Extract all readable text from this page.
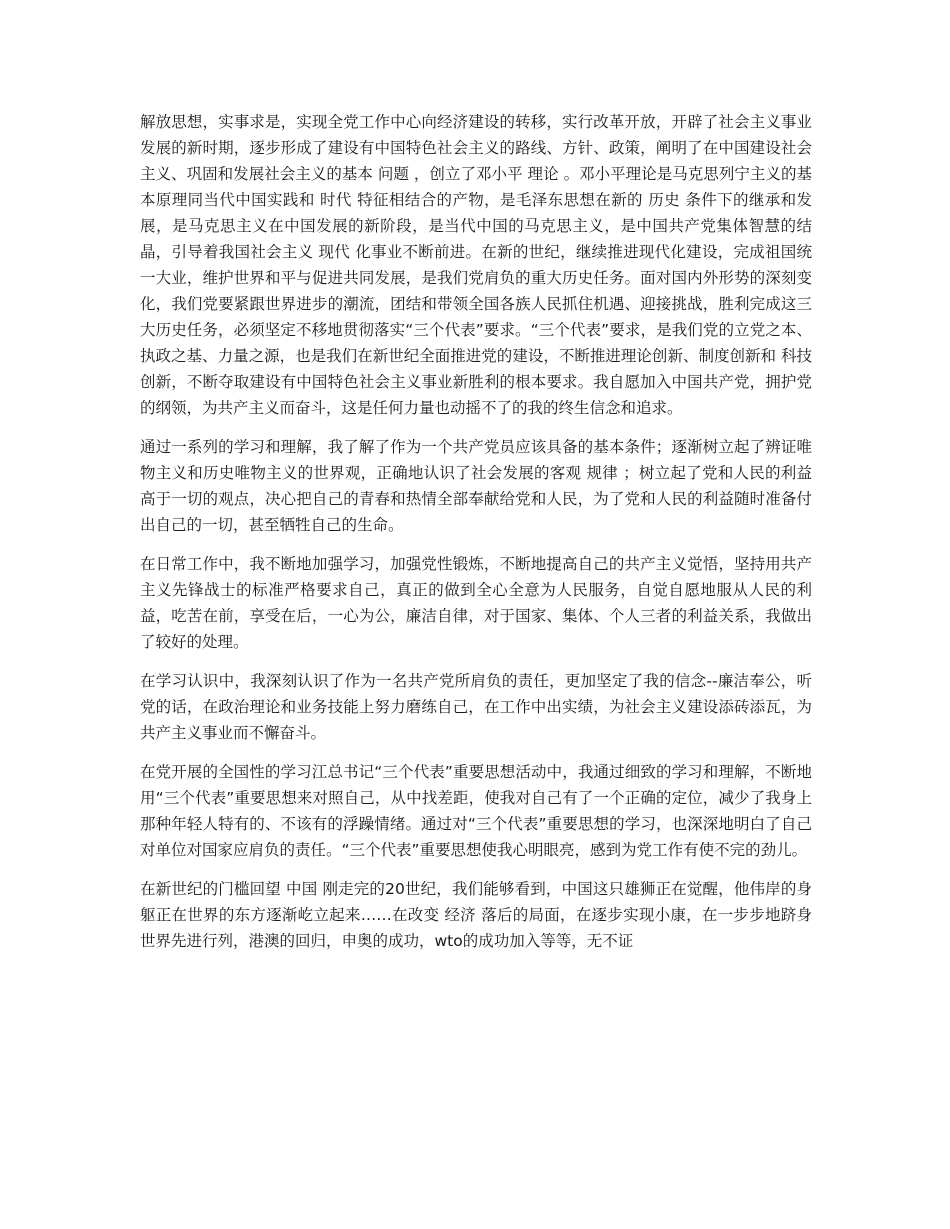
解放思想，实事求是，实现全党工作中心向经济建设的转移，实行改革开放，开辟了社会主义事业发展的新时期，逐步形成了建设有中国特色社会主义的路线、方针、政策，阐明了在中国建设社会主义、巩固和发展社会主义的基本 问题 ，创立了邓小平 理论 。邓小平理论是马克思列宁主义的基本原理同当代中国实践和 时代 特征相结合的产物，是毛泽东思想在新的 历史 条件下的继承和发展，是马克思主义在中国发展的新阶段，是当代中国的马克思主义，是中国共产党集体智慧的结晶，引导着我国社会主义 现代 化事业不断前进。在新的世纪，继续推进现代化建设，完成祖国统一大业，维护世界和平与促进共同发展，是我们党肩负的重大历史任务。面对国内外形势的深刻变化，我们党要紧跟世界进步的潮流，团结和带领全国各族人民抓住机遇、迎接挑战，胜利完成这三大历史任务，必须坚定不移地贯彻落实“三个代表”要求。“三个代表”要求，是我们党的立党之本、执政之基、力量之源，也是我们在新世纪全面推进党的建设，不断推进理论创新、制度创新和 科技 创新，不断夺取建设有中国特色社会主义事业新胜利的根本要求。我自愿加入中国共产党，拥护党的纲领，为共产主义而奋斗，这是任何力量也动摇不了的我的终生信念和追求。

通过一系列的学习和理解，我了解了作为一个共产党员应该具备的基本条件；逐渐树立起了辨证唯物主义和历史唯物主义的世界观，正确地认识了社会发展的客观 规律 ；树立起了党和人民的利益高于一切的观点，决心把自己的青春和热情全部奉献给党和人民，为了党和人民的利益随时准备付出自己的一切，甚至牺牲自己的生命。

在日常工作中，我不断地加强学习，加强党性锻炼，不断地提高自己的共产主义觉悟，坚持用共产主义先锋战士的标准严格要求自己，真正的做到全心全意为人民服务，自觉自愿地服从人民的利益，吃苦在前，享受在后，一心为公，廉洁自律，对于国家、集体、个人三者的利益关系，我做出了较好的处理。

在学习认识中，我深刻认识了作为一名共产党所肩负的责任，更加坚定了我的信念--廉洁奉公，听党的话，在政治理论和业务技能上努力磨练自己，在工作中出实绩，为社会主义建设添砖添瓦，为共产主义事业而不懈奋斗。

在党开展的全国性的学习江总书记“三个代表”重要思想活动中，我通过细致的学习和理解，不断地用“三个代表”重要思想来对照自己，从中找差距，使我对自己有了一个正确的定位，减少了我身上那种年轻人特有的、不该有的浮躁情绪。通过对“三个代表”重要思想的学习，也深深地明白了自己对单位对国家应肩负的责任。“三个代表”重要思想使我心明眼亮，感到为党工作有使不完的劲儿。

在新世纪的门槛回望 中国 刚走完的20世纪，我们能够看到，中国这只雄狮正在觉醒，他伟岸的身躯正在世界的东方逐渐屹立起来……在改变 经济 落后的局面，在逐步实现小康，在一步步地跻身世界先进行列，港澳的回归，申奥的成功，wto的成功加入等等，无不证
